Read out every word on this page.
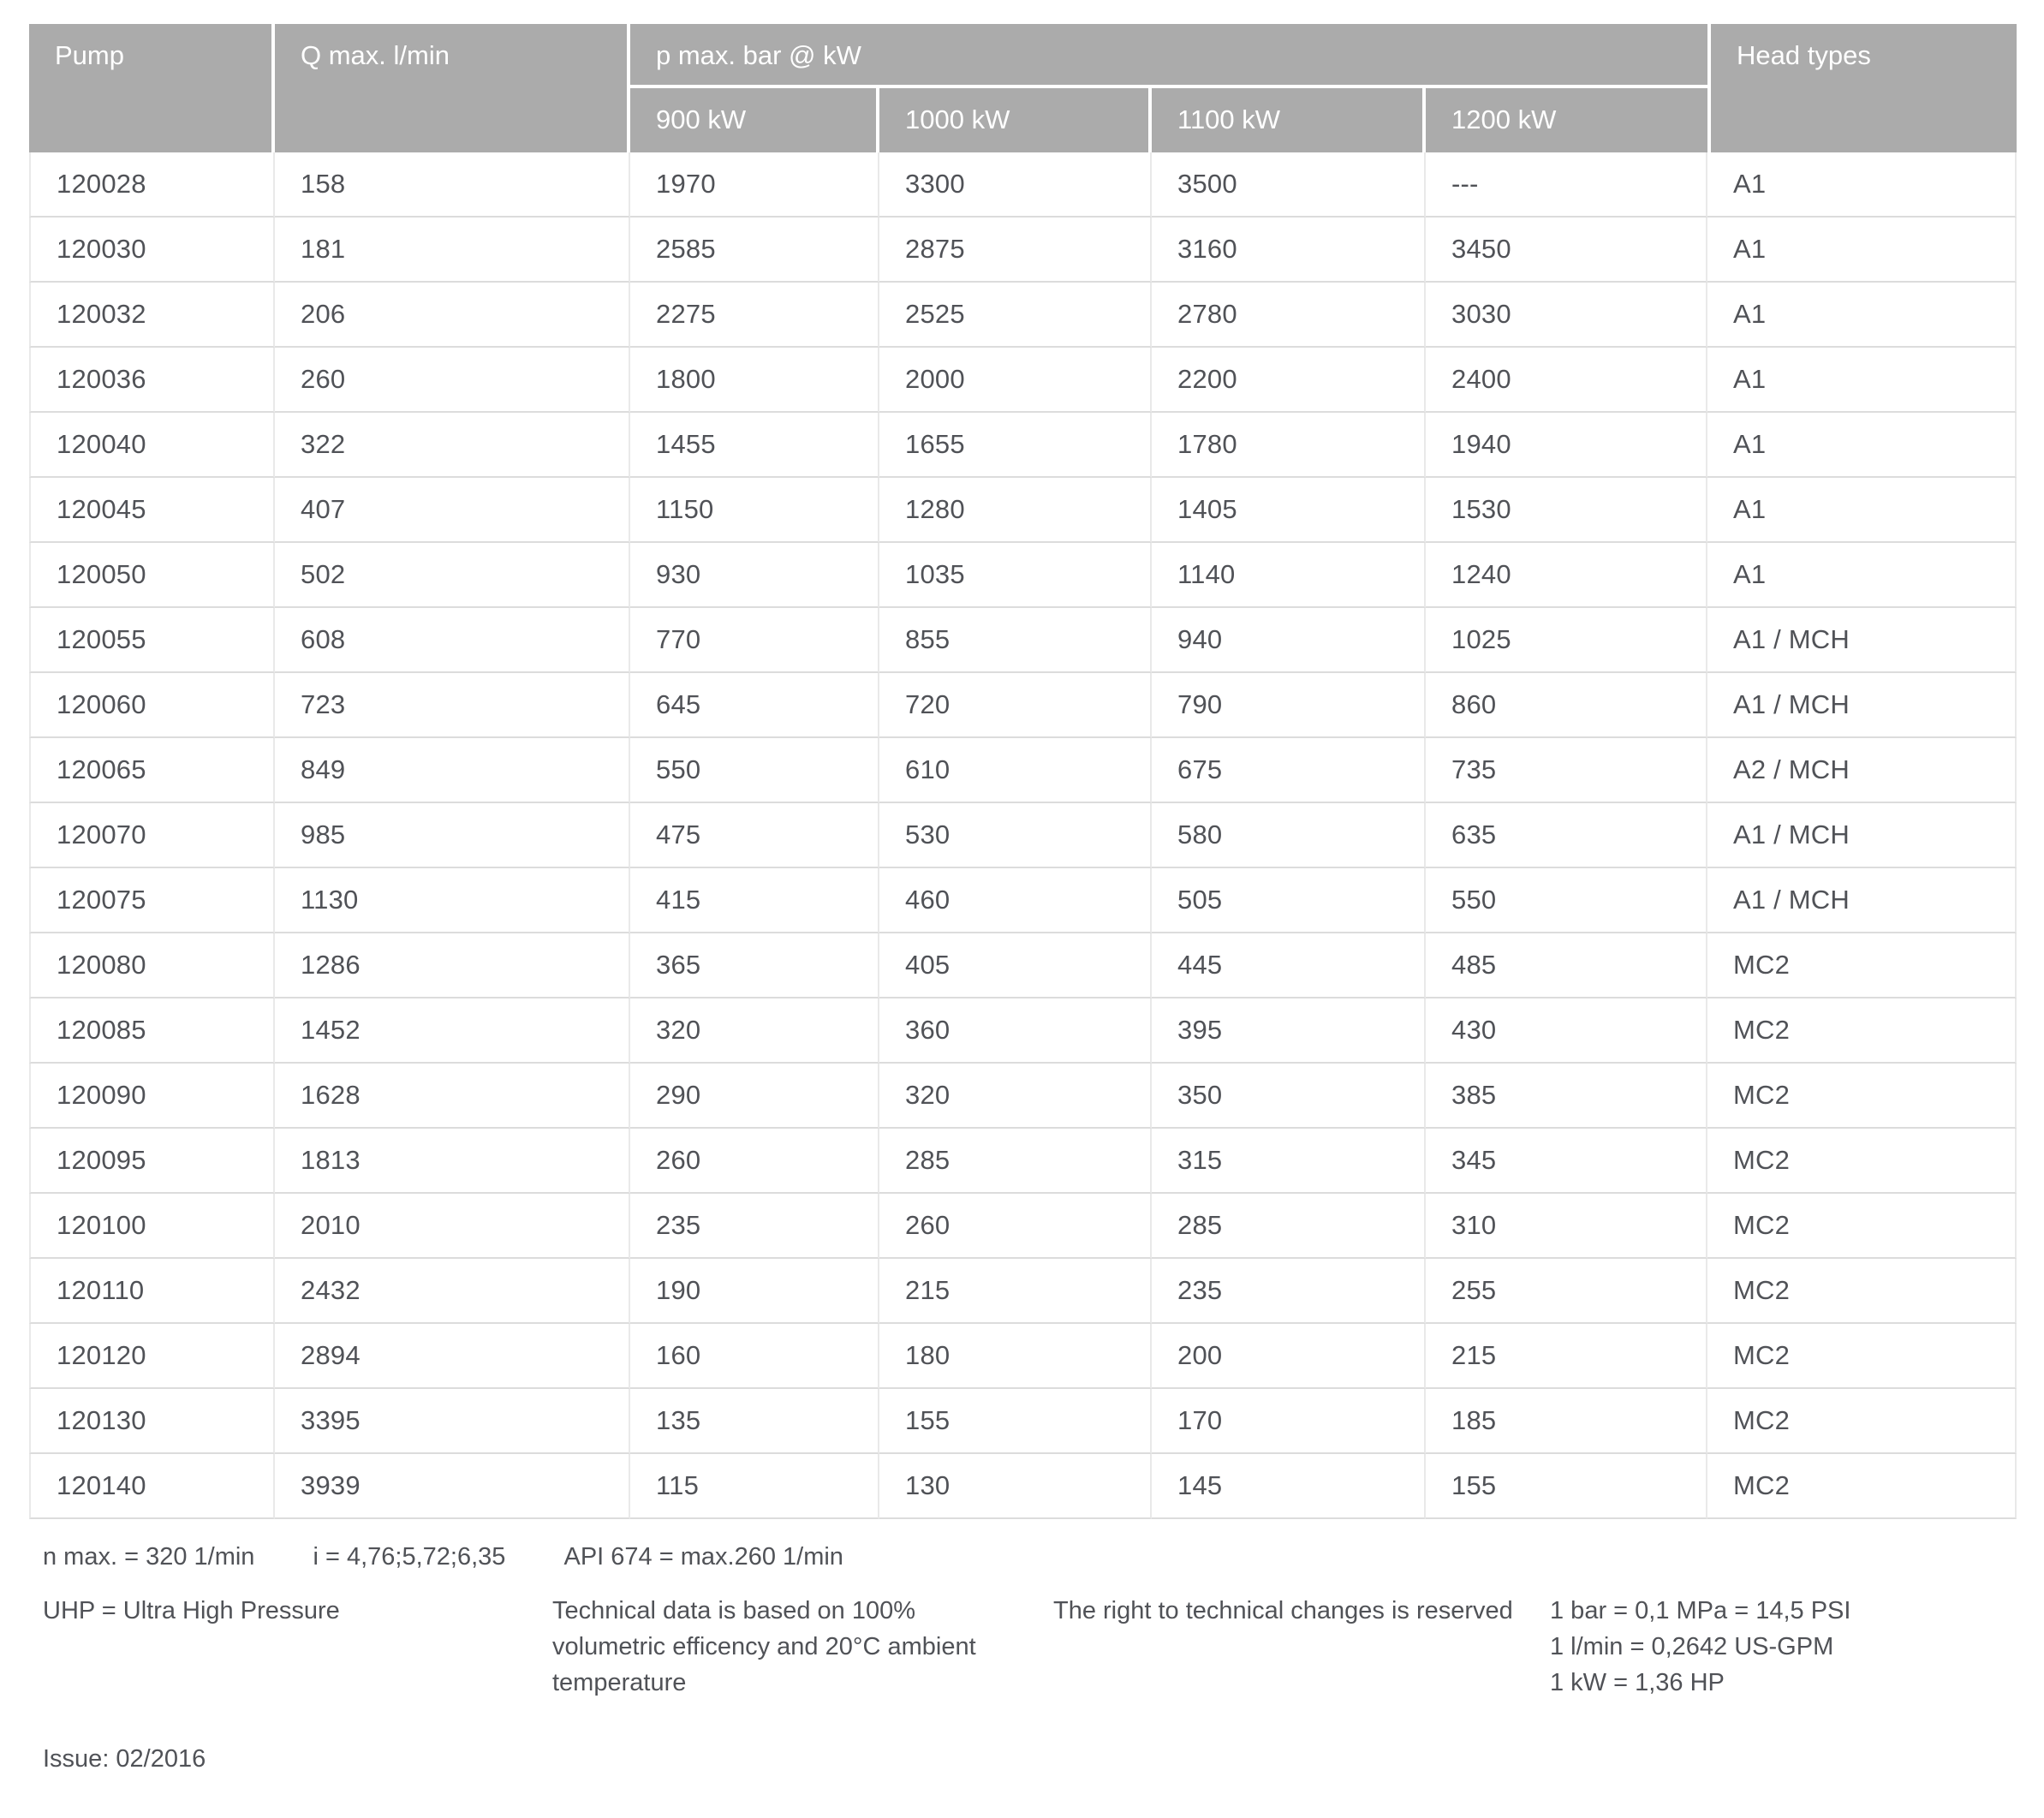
Pump	Q max. l/min	p max. bar @ kW				Head types
		900 kW	1000 kW	1100 kW	1200 kW	
120028	158	1970	3300	3500	---	A1
120030	181	2585	2875	3160	3450	A1
120032	206	2275	2525	2780	3030	A1
120036	260	1800	2000	2200	2400	A1
120040	322	1455	1655	1780	1940	A1
120045	407	1150	1280	1405	1530	A1
120050	502	930	1035	1140	1240	A1
120055	608	770	855	940	1025	A1 / MCH
120060	723	645	720	790	860	A1 / MCH
120065	849	550	610	675	735	A2 / MCH
120070	985	475	530	580	635	A1 / MCH
120075	1130	415	460	505	550	A1 / MCH
120080	1286	365	405	445	485	MC2
120085	1452	320	360	395	430	MC2
120090	1628	290	320	350	385	MC2
120095	1813	260	285	315	345	MC2
120100	2010	235	260	285	310	MC2
120110	2432	190	215	235	255	MC2
120120	2894	160	180	200	215	MC2
120130	3395	135	155	170	185	MC2
120140	3939	115	130	145	155	MC2
n max. = 320 1/min i = 4,76;5,72;6,35 API 674 = max.260 1/min
UHP = Ultra High Pressure	Technical data is based on 100%
volumetric efficency and 20°C ambient
temperature
The right to technical changes is reserved 1 bar = 0,1 MPa = 14,5 PSI
1 l/min = 0,2642 US-GPM
1 kW = 1,36 HP
Issue: 02/2016
